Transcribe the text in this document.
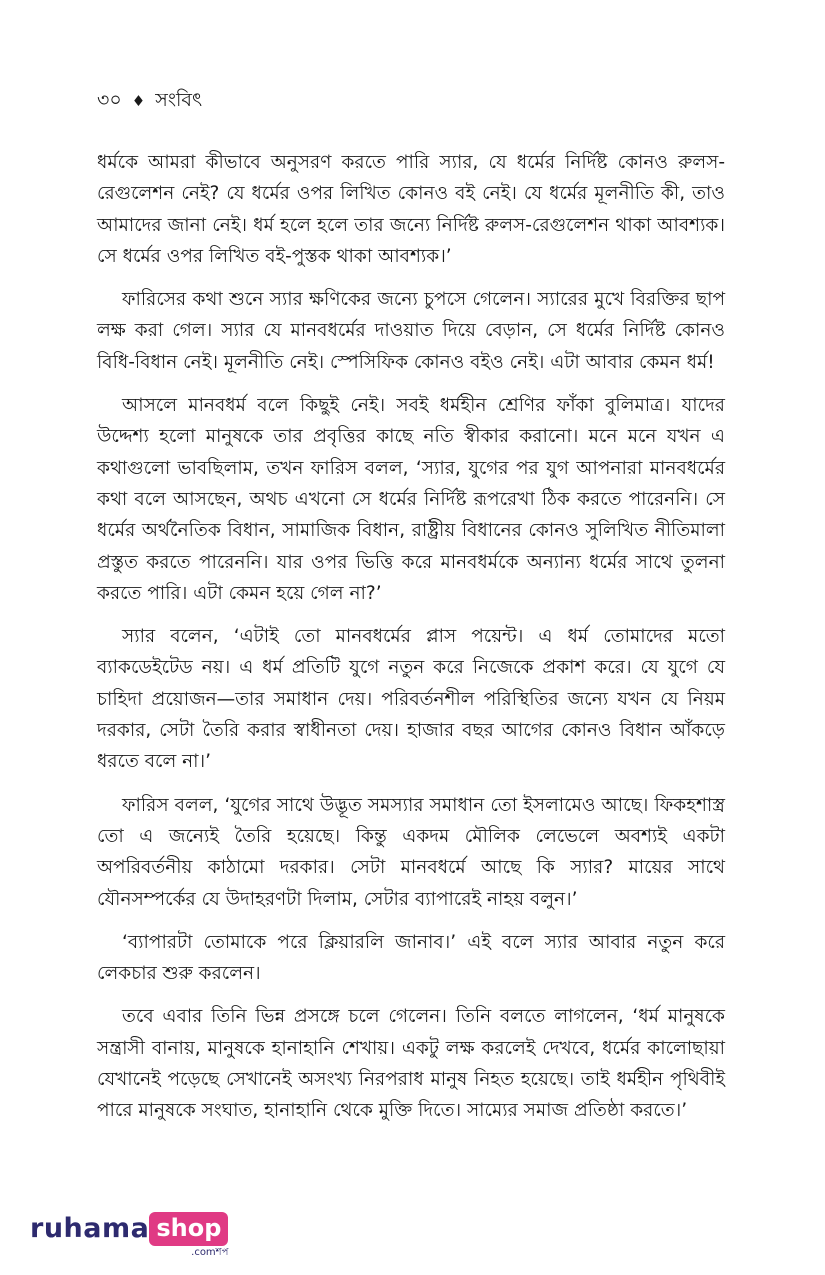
৩০ ♦ সংবিৎ

ধর্মকে আমরা কীভাবে অনুসরণ করতে পারি স্যার, যে ধর্মের নির্দিষ্ট কোনও রুলস-রেগুলেশন নেই? যে ধর্মের ওপর লিখিত কোনও বই নেই। যে ধর্মের মূলনীতি কী, তাও আমাদের জানা নেই। ধর্ম হলে হলে তার জন্যে নির্দিষ্ট রুলস-রেগুলেশন থাকা আবশ্যক। সে ধর্মের ওপর লিখিত বই-পুস্তক থাকা আবশ্যক।’

ফারিসের কথা শুনে স্যার ক্ষণিকের জন্যে চুপসে গেলেন। স্যারের মুখে বিরক্তির ছাপ লক্ষ করা গেল। স্যার যে মানবধর্মের দাওয়াত দিয়ে বেড়ান, সে ধর্মের নির্দিষ্ট কোনও বিধি-বিধান নেই। মূলনীতি নেই। স্পেসিফিক কোনও বইও নেই। এটা আবার কেমন ধর্ম!

আসলে মানবধর্ম বলে কিছুই নেই। সবই ধর্মহীন শ্রেণির ফাঁকা বুলিমাত্র। যাদের উদ্দেশ্য হলো মানুষকে তার প্রবৃত্তির কাছে নতি স্বীকার করানো। মনে মনে যখন এ কথাগুলো ভাবছিলাম, তখন ফারিস বলল, ‘স্যার, যুগের পর যুগ আপনারা মানবধর্মের কথা বলে আসছেন, অথচ এখনো সে ধর্মের নির্দিষ্ট রূপরেখা ঠিক করতে পারেননি। সে ধর্মের অর্থনৈতিক বিধান, সামাজিক বিধান, রাষ্ট্রীয় বিধানের কোনও সুলিখিত নীতিমালা প্রস্তুত করতে পারেননি। যার ওপর ভিত্তি করে মানবধর্মকে অন্যান্য ধর্মের সাথে তুলনা করতে পারি। এটা কেমন হয়ে গেল না?’

স্যার বলেন, ‘এটাই তো মানবধর্মের প্লাস পয়েন্ট। এ ধর্ম তোমাদের মতো ব্যাকডেইটেড নয়। এ ধর্ম প্রতিটি যুগে নতুন করে নিজেকে প্রকাশ করে। যে যুগে যে চাহিদা প্রয়োজন—তার সমাধান দেয়। পরিবর্তনশীল পরিস্থিতির জন্যে যখন যে নিয়ম দরকার, সেটা তৈরি করার স্বাধীনতা দেয়। হাজার বছর আগের কোনও বিধান আঁকড়ে ধরতে বলে না।’

ফারিস বলল, ‘যুগের সাথে উদ্ভূত সমস্যার সমাধান তো ইসলামেও আছে। ফিকহশাস্ত্র তো এ জন্যেই তৈরি হয়েছে। কিন্তু একদম মৌলিক লেভেলে অবশ্যই একটা অপরিবর্তনীয় কাঠামো দরকার। সেটা মানবধর্মে আছে কি স্যার? মায়ের সাথে যৌনসম্পর্কের যে উদাহরণটা দিলাম, সেটার ব্যাপারেই নাহয় বলুন।’

‘ব্যাপারটা তোমাকে পরে ক্লিয়ারলি জানাব।’ এই বলে স্যার আবার নতুন করে লেকচার শুরু করলেন।

তবে এবার তিনি ভিন্ন প্রসঙ্গে চলে গেলেন। তিনি বলতে লাগলেন, ‘ধর্ম মানুষকে সন্ত্রাসী বানায়, মানুষকে হানাহানি শেখায়। একটু লক্ষ করলেই দেখবে, ধর্মের কালোছায়া যেখানেই পড়েছে সেখানেই অসংখ্য নিরপরাধ মানুষ নিহত হয়েছে। তাই ধর্মহীন পৃথিবীই পারে মানুষকে সংঘাত, হানাহানি থেকে মুক্তি দিতে। সাম্যের সমাজ প্রতিষ্ঠা করতে।’

ruhama shop
.comশপ
